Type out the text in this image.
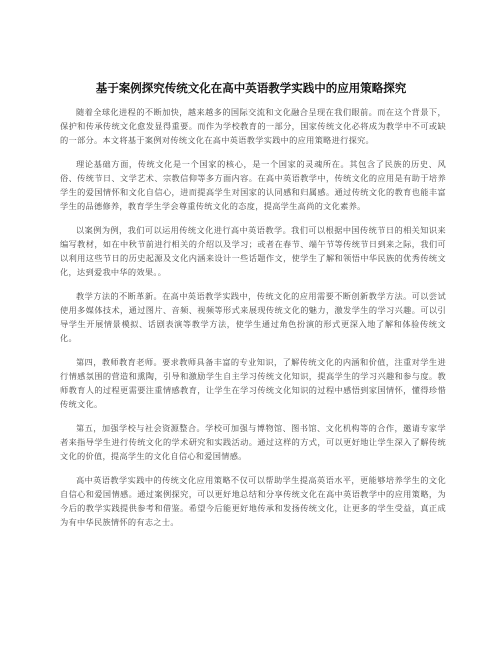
基于案例探究传统文化在高中英语教学实践中的应用策略探究

随着全球化进程的不断加快，越来越多的国际交流和文化融合呈现在我们眼前。而在这个背景下，保护和传承传统文化愈发显得重要。而作为学校教育的一部分，国家传统文化必将成为教学中不可或缺的一部分。本文将基于案例对传统文化在高中英语教学实践中的应用策略进行探究。

理论基础方面，传统文化是一个国家的核心，是一个国家的灵魂所在。其包含了民族的历史、风俗、传统节日、文学艺术、宗教信仰等多方面内容。在高中英语教学中，传统文化的应用是有助于培养学生的爱国情怀和文化自信心，进而提高学生对国家的认同感和归属感。通过传统文化的教育也能丰富学生的品德修养，教育学生学会尊重传统文化的态度，提高学生高尚的文化素养。

以案例为例，我们可以运用传统文化进行高中英语教学。我们可以根据中国传统节日的相关知识来编写教材，如在中秋节前进行相关的介绍以及学习；或者在春节、端午节等传统节日到来之际，我们可以利用这些节日的历史起源及文化内涵来设计一些话题作文，使学生了解和领悟中华民族的优秀传统文化，达到爱我中华的效果。。

教学方法的不断革新。在高中英语教学实践中，传统文化的应用需要不断创新教学方法。可以尝试使用多媒体技术，通过图片、音频、视频等形式来展现传统文化的魅力，激发学生的学习兴趣。可以引导学生开展情景模拟、话剧表演等教学方法，使学生通过角色扮演的形式更深入地了解和体验传统文化。

第四，教师教育老师。要求教师具备丰富的专业知识，了解传统文化的内涵和价值，注重对学生进行情感氛围的营造和熏陶，引导和激励学生自主学习传统文化知识，提高学生的学习兴趣和参与度。教师教育人的过程更需要注重情感教育，让学生在学习传统文化知识的过程中感悟到家国情怀，懂得珍惜传统文化。

第五，加强学校与社会资源整合。学校可加强与博物馆、图书馆、文化机构等的合作，邀请专家学者来指导学生进行传统文化的学术研究和实践活动。通过这样的方式，可以更好地让学生深入了解传统文化的价值，提高学生的文化自信心和爱国情感。

高中英语教学实践中的传统文化应用策略不仅可以帮助学生提高英语水平，更能够培养学生的文化自信心和爱国情感。通过案例探究，可以更好地总结和分享传统文化在高中英语教学中的应用策略，为今后的教学实践提供参考和借鉴。希望今后能更好地传承和发扬传统文化，让更多的学生受益，真正成为有中华民族情怀的有志之士。
